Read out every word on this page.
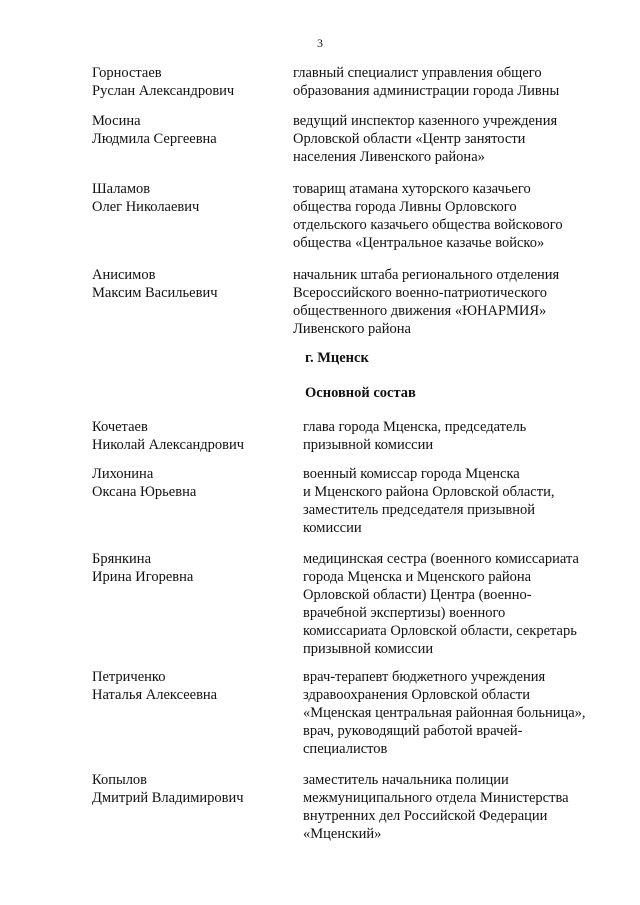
3
Горностаев
Руслан Александрович
главный специалист управления общего
образования администрации города Ливны
Мосина
Людмила Сергеевна
ведущий инспектор казенного учреждения
Орловской области «Центр занятости
населения Ливенского района»
Шаламов
Олег Николаевич
товарищ атамана хуторского казачьего
общества города Ливны Орловского
отдельского казачьего общества войскового
общества «Центральное казачье войско»
Анисимов
Максим Васильевич
начальник штаба регионального отделения
Всероссийского военно-патриотического
общественного движения «ЮНАРМИЯ»
Ливенского района
г. Мценск
Основной состав
Кочетаев
Николай Александрович
глава города Мценска, председатель
призывной комиссии
Лихонина
Оксана Юрьевна
военный комиссар города Мценска
и Мценского района Орловской области,
заместитель председателя призывной
комиссии
Брянкина
Ирина Игоревна
медицинская сестра (военного комиссариата
города Мценска и Мценского района
Орловской области) Центра (военно-
врачебной экспертизы) военного
комиссариата Орловской области, секретарь
призывной комиссии
Петриченко
Наталья Алексеевна
врач-терапевт бюджетного учреждения
здравоохранения Орловской области
«Мценская центральная районная больница»,
врач, руководящий работой врачей-
специалистов
Копылов
Дмитрий Владимирович
заместитель начальника полиции
межмуниципального отдела Министерства
внутренних дел Российской Федерации
«Мценский»
